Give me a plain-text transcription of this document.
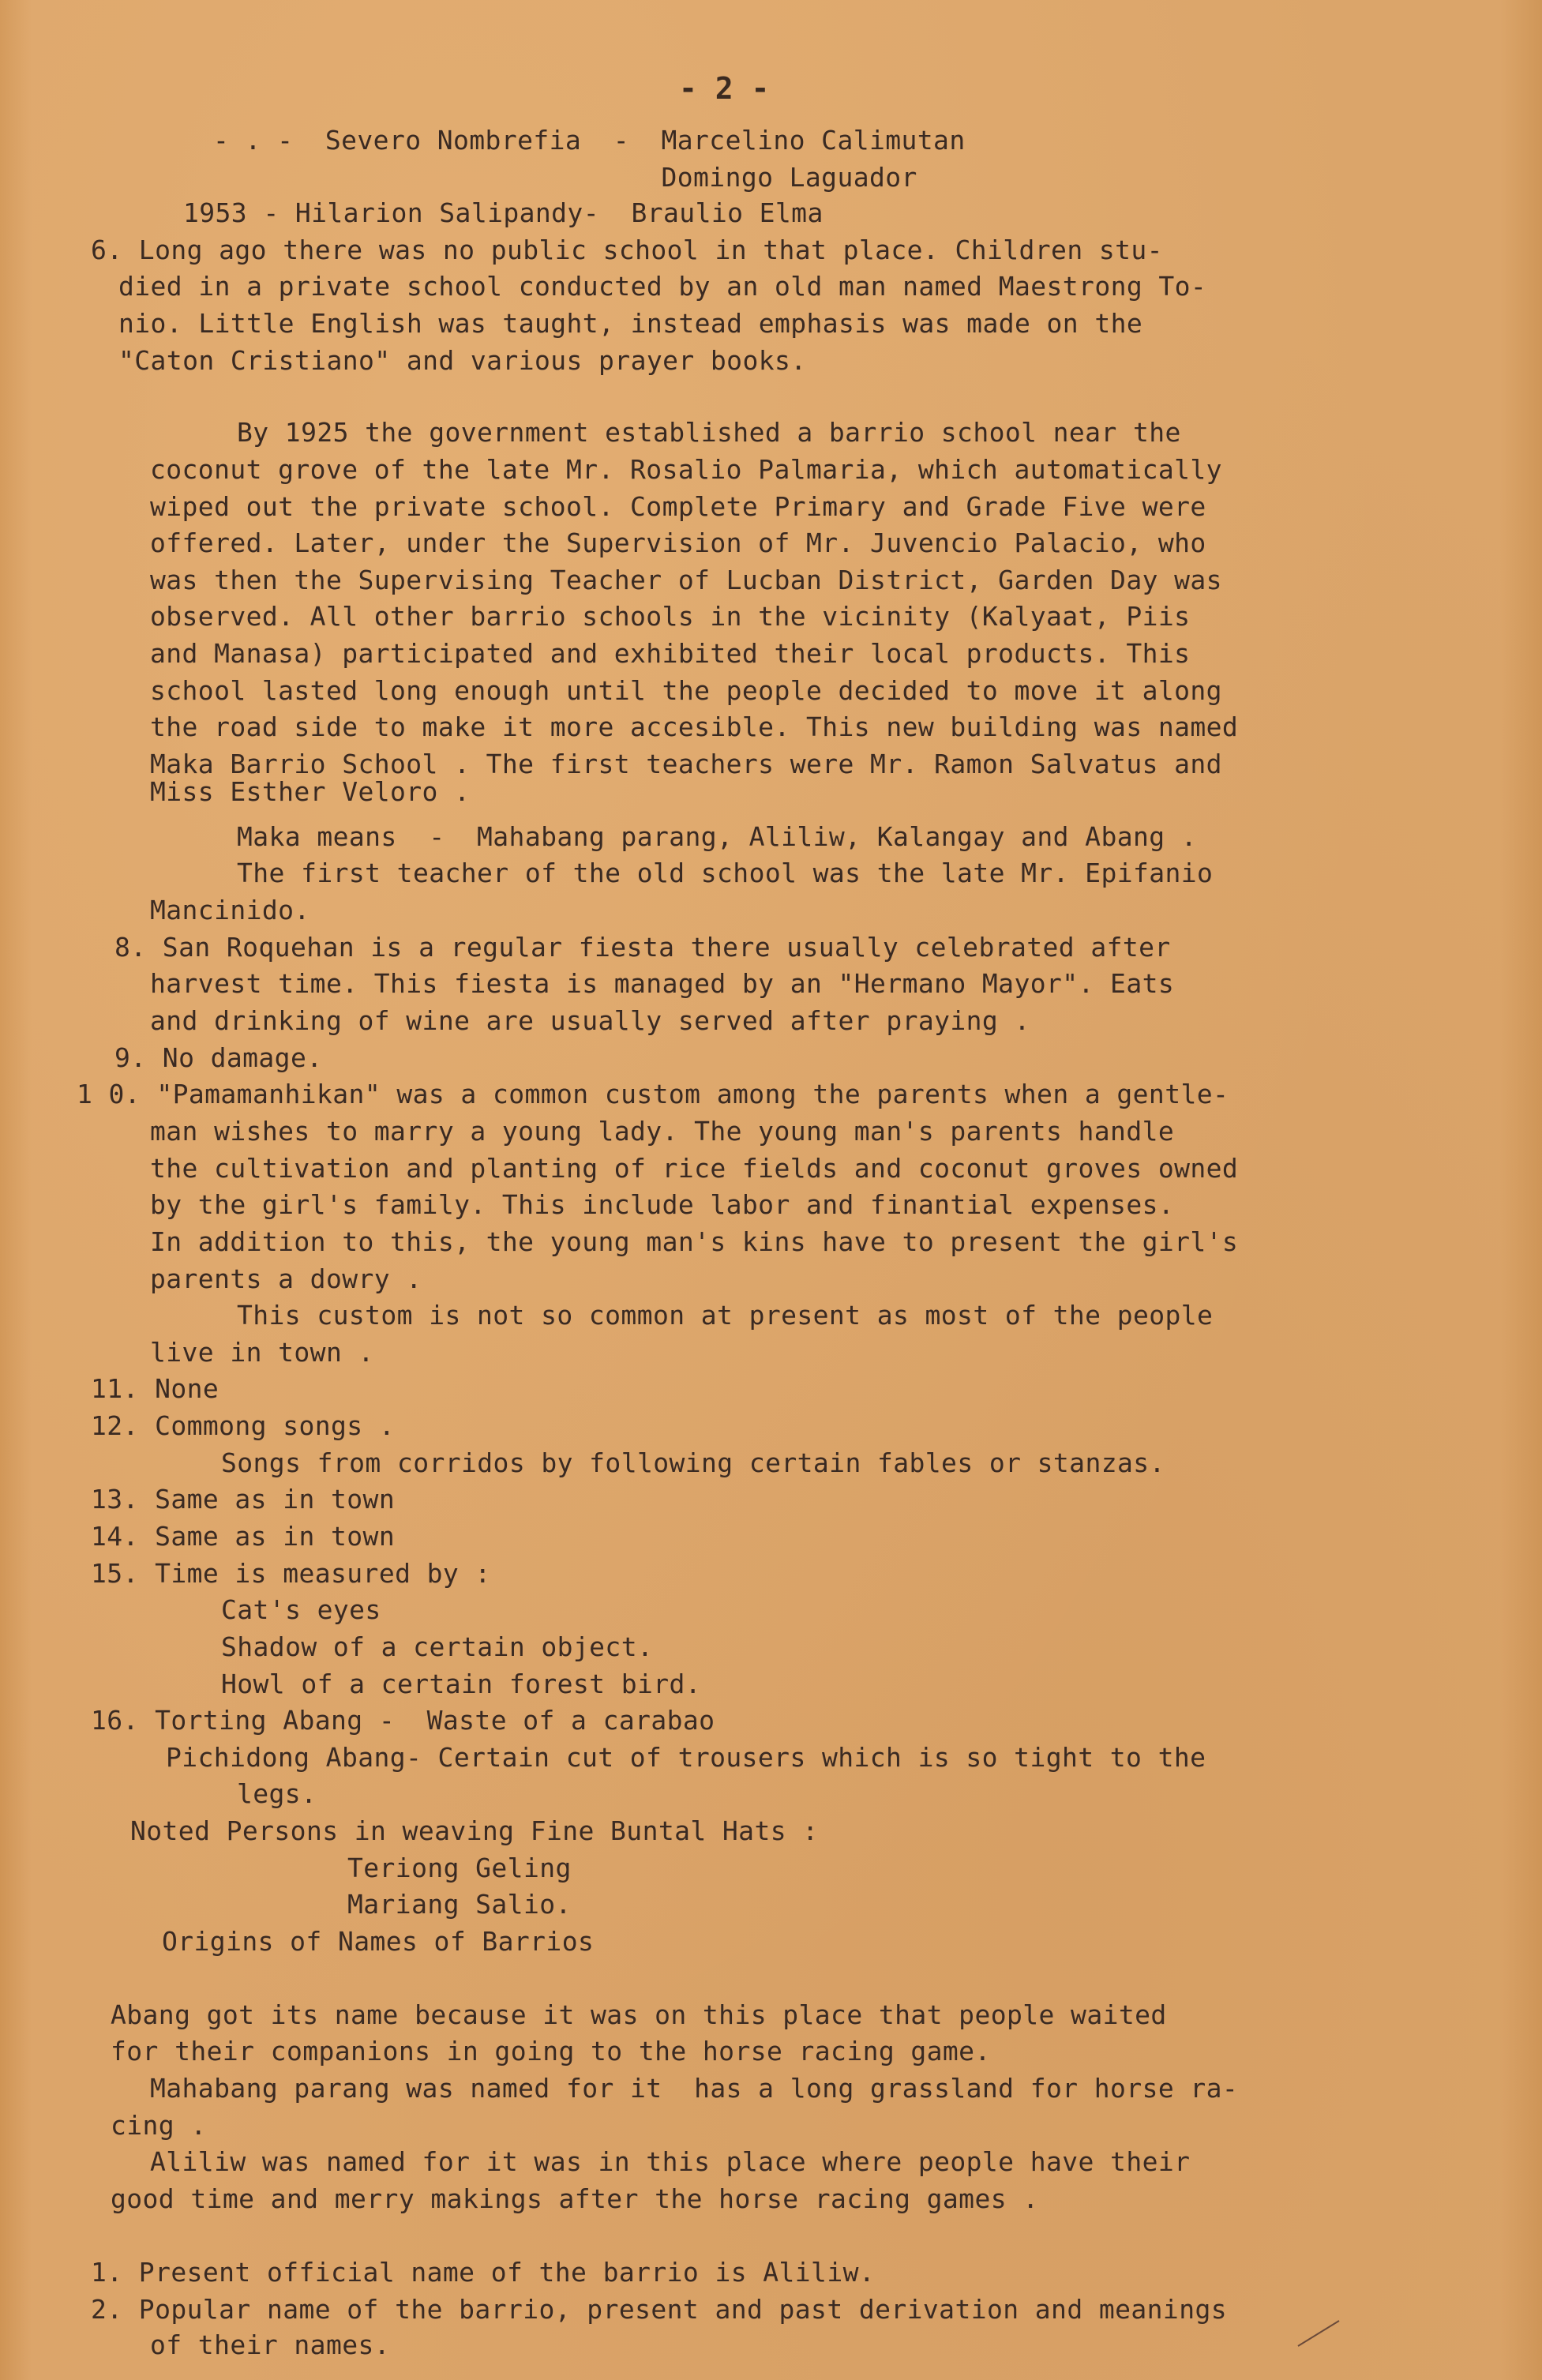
- 2 -
- . -  Severo Nombrefia  -  Marcelino Calimutan
Domingo Laguador
1953 - Hilarion Salipandy-  Braulio Elma
6. Long ago there was no public school in that place. Children stu-
died in a private school conducted by an old man named Maestrong To-
nio. Little English was taught, instead emphasis was made on the
"Caton Cristiano" and various prayer books.
By 1925 the government established a barrio school near the
coconut grove of the late Mr. Rosalio Palmaria, which automatically
wiped out the private school. Complete Primary and Grade Five were
offered. Later, under the Supervision of Mr. Juvencio Palacio, who
was then the Supervising Teacher of Lucban District, Garden Day was
observed. All other barrio schools in the vicinity (Kalyaat, Piis
and Manasa) participated and exhibited their local products. This
school lasted long enough until the people decided to move it along
the road side to make it more accesible. This new building was named
Maka Barrio School . The first teachers were Mr. Ramon Salvatus and
Miss Esther Veloro .
Maka means  -  Mahabang parang, Aliliw, Kalangay and Abang .
The first teacher of the old school was the late Mr. Epifanio
Mancinido.
8. San Roquehan is a regular fiesta there usually celebrated after
harvest time. This fiesta is managed by an "Hermano Mayor". Eats
and drinking of wine are usually served after praying .
9. No damage.
1 0. "Pamamanhikan" was a common custom among the parents when a gentle-
man wishes to marry a young lady. The young man's parents handle
the cultivation and planting of rice fields and coconut groves owned
by the girl's family. This include labor and finantial expenses.
In addition to this, the young man's kins have to present the girl's
parents a dowry .
This custom is not so common at present as most of the people
live in town .
11. None
12. Commong songs .
Songs from corridos by following certain fables or stanzas.
13. Same as in town
14. Same as in town
15. Time is measured by :
Cat's eyes
Shadow of a certain object.
Howl of a certain forest bird.
16. Torting Abang -  Waste of a carabao
Pichidong Abang- Certain cut of trousers which is so tight to the
legs.
Noted Persons in weaving Fine Buntal Hats :
Teriong Geling
Mariang Salio.
Origins of Names of Barrios
Abang got its name because it was on this place that people waited
for their companions in going to the horse racing game.
Mahabang parang was named for it  has a long grassland for horse ra-
cing .
Aliliw was named for it was in this place where people have their
good time and merry makings after the horse racing games .
1. Present official name of the barrio is Aliliw.
2. Popular name of the barrio, present and past derivation and meanings
of their names.
